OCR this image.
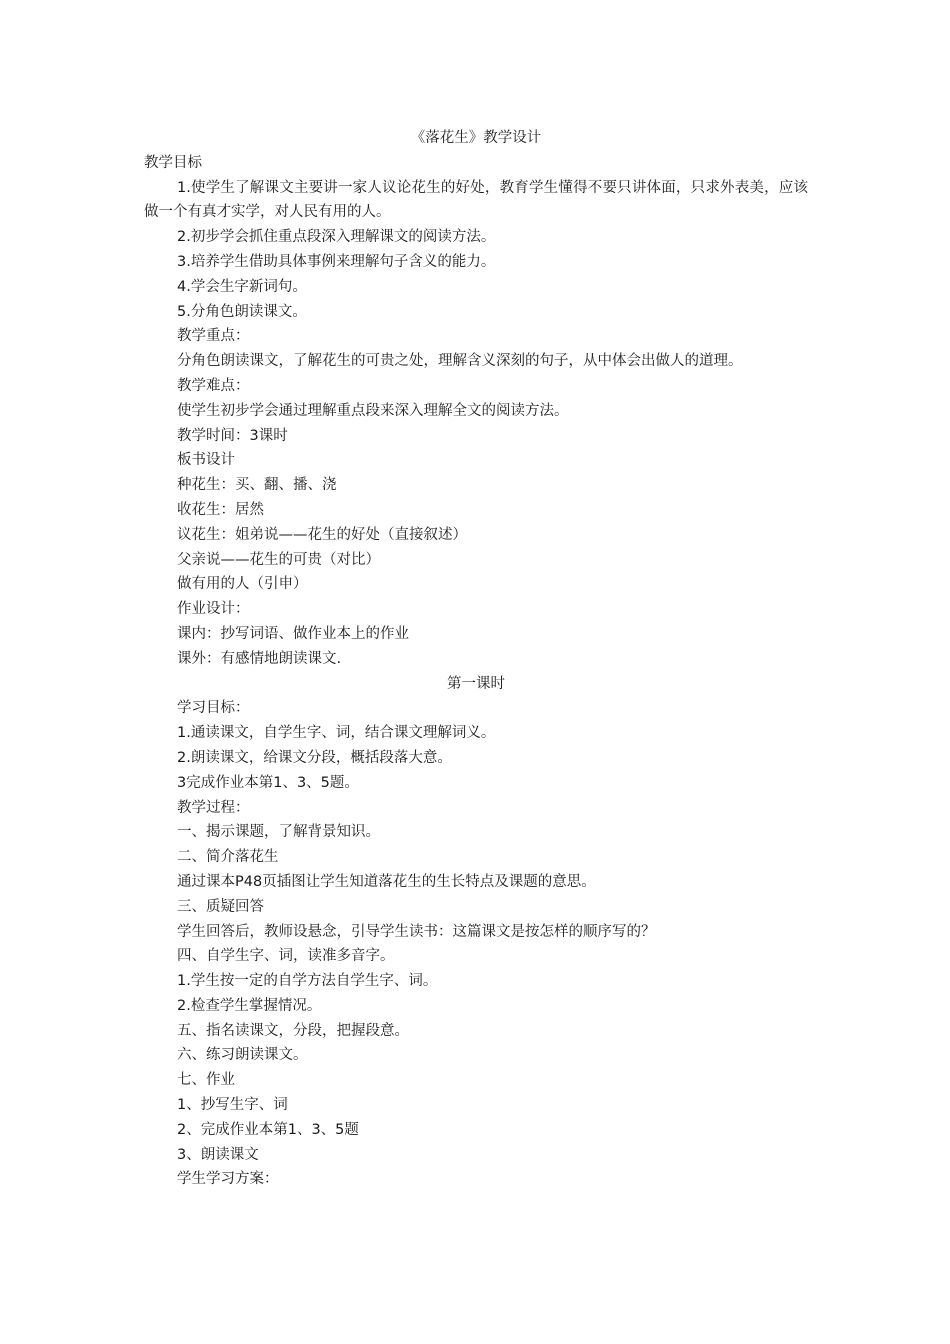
《落花生》教学设计
教学目标
1.使学生了解课文主要讲一家人议论花生的好处，教育学生懂得不要只讲体面，只求外表美，应该做一个有真才实学，对人民有用的人。
2.初步学会抓住重点段深入理解课文的阅读方法。
3.培养学生借助具体事例来理解句子含义的能力。
4.学会生字新词句。
5.分角色朗读课文。
教学重点：
分角色朗读课文，了解花生的可贵之处，理解含义深刻的句子，从中体会出做人的道理。
教学难点：
使学生初步学会通过理解重点段来深入理解全文的阅读方法。
教学时间：3课时
板书设计
种花生：买、翻、播、浇
收花生：居然
议花生：姐弟说——花生的好处（直接叙述）
父亲说——花生的可贵（对比）
做有用的人（引申）
作业设计：
课内：抄写词语、做作业本上的作业
课外：有感情地朗读课文.
第一课时
学习目标：
1.通读课文，自学生字、词，结合课文理解词义。
2.朗读课文，给课文分段，概括段落大意。
3完成作业本第1、3、5题。
教学过程：
一、揭示课题，了解背景知识。
二、简介落花生
通过课本P48页插图让学生知道落花生的生长特点及课题的意思。
三、质疑回答
学生回答后，教师设悬念，引导学生读书：这篇课文是按怎样的顺序写的？
四、自学生字、词，读准多音字。
1.学生按一定的自学方法自学生字、词。
2.检查学生掌握情况。
五、指名读课文，分段，把握段意。
六、练习朗读课文。
七、作业
1、抄写生字、词
2、完成作业本第1、3、5题
3、朗读课文
学生学习方案：
